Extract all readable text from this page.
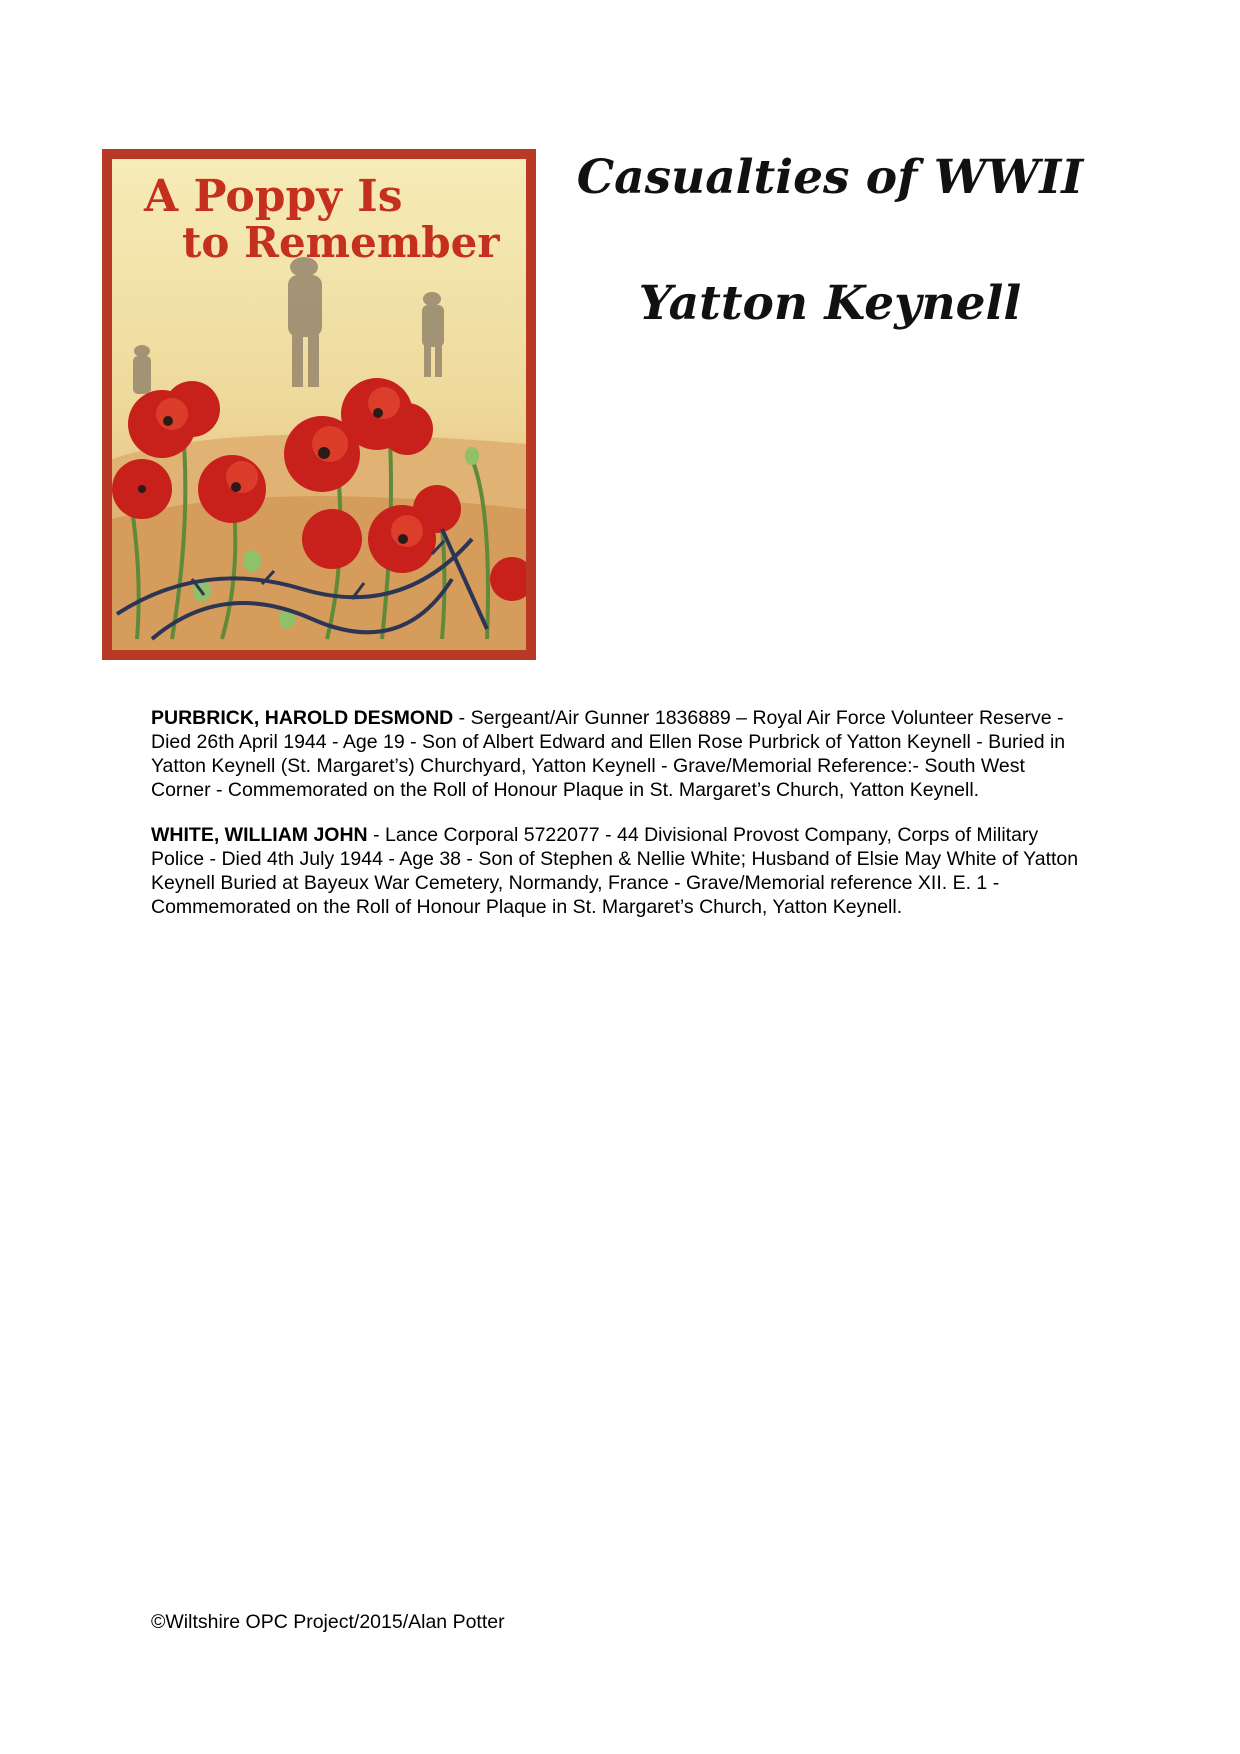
A Poppy Is
to Remember
Casualties of WWII
Yatton Keynell

PURBRICK, HAROLD DESMOND - Sergeant/Air Gunner 1836889 – Royal Air Force Volunteer Reserve - Died 26th April 1944 - Age 19 - Son of Albert Edward and Ellen Rose Purbrick of Yatton Keynell - Buried in Yatton Keynell (St. Margaret’s) Churchyard, Yatton Keynell - Grave/Memorial Reference:- South West Corner - Commemorated on the Roll of Honour Plaque in St. Margaret’s Church, Yatton Keynell.

WHITE, WILLIAM JOHN - Lance Corporal 5722077 - 44 Divisional Provost Company, Corps of Military Police - Died 4th July 1944 - Age 38 - Son of Stephen & Nellie White; Husband of Elsie May White of Yatton Keynell Buried at Bayeux War Cemetery, Normandy, France - Grave/Memorial reference XII. E. 1 - Commemorated on the Roll of Honour Plaque in St. Margaret’s Church, Yatton Keynell.

©Wiltshire OPC Project/2015/Alan Potter
